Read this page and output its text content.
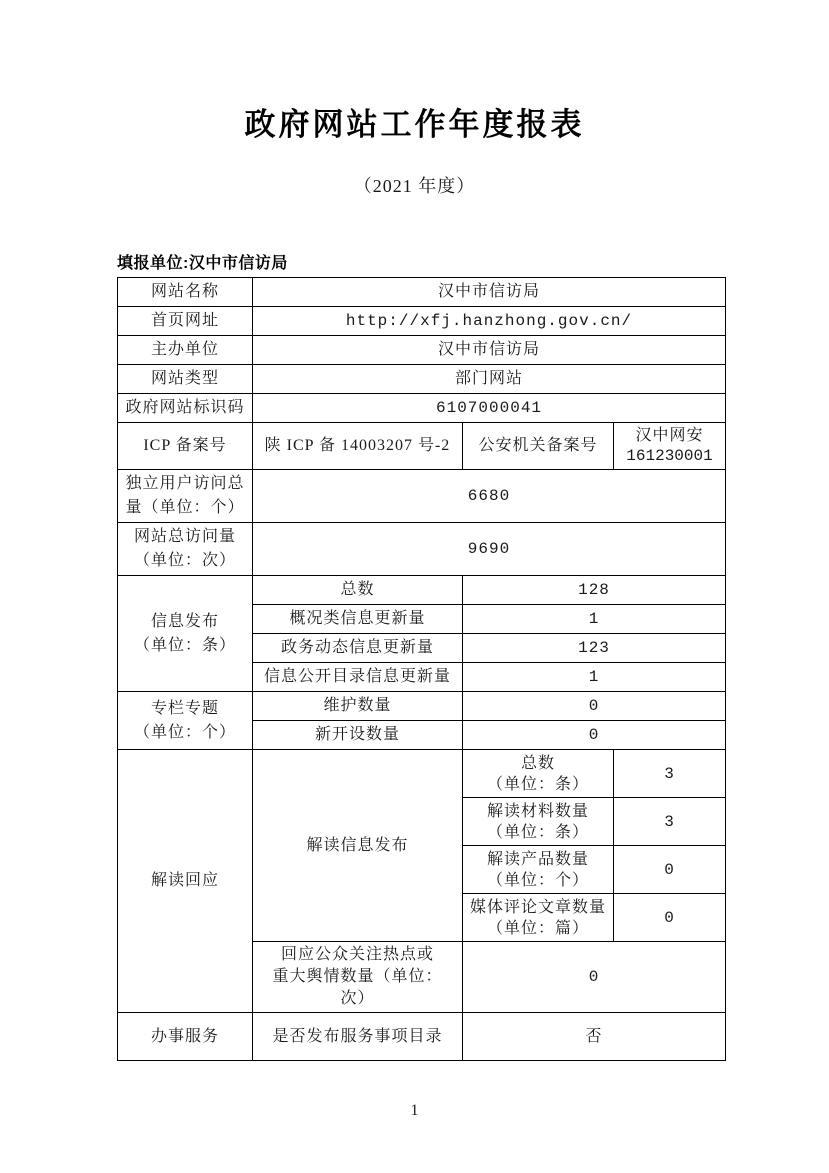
政府网站工作年度报表
（2021 年度）
填报单位:汉中市信访局
网站名称	汉中市信访局		
首页网址	http://xfj.hanzhong.gov.cn/		
主办单位	汉中市信访局		
网站类型	部门网站		
政府网站标识码	6107000041		
ICP 备案号	陕 ICP 备 14003207 号-2	公安机关备案号	汉中网安
161230001

独立用户访问总
量（单位：个）	6680		

网站总访问量
（单位：次）	9690		

信息发布
（单位：条）	总数	128	
	概况类信息更新量	1	
	政务动态信息更新量	123	
	信息公开目录信息更新量	1	

专栏专题
（单位：个）	维护数量	0	
	新开设数量	0	
解读回应	解读信息发布	总数
（单位：条）	3

		解读材料数量
（单位：条）	3

		解读产品数量
（单位：个）	0

		媒体评论文章数量
（单位：篇）	0

	回应公众关注热点或
重大舆情数量（单位：
次）	0	
办事服务	是否发布服务事项目录	否	
1
